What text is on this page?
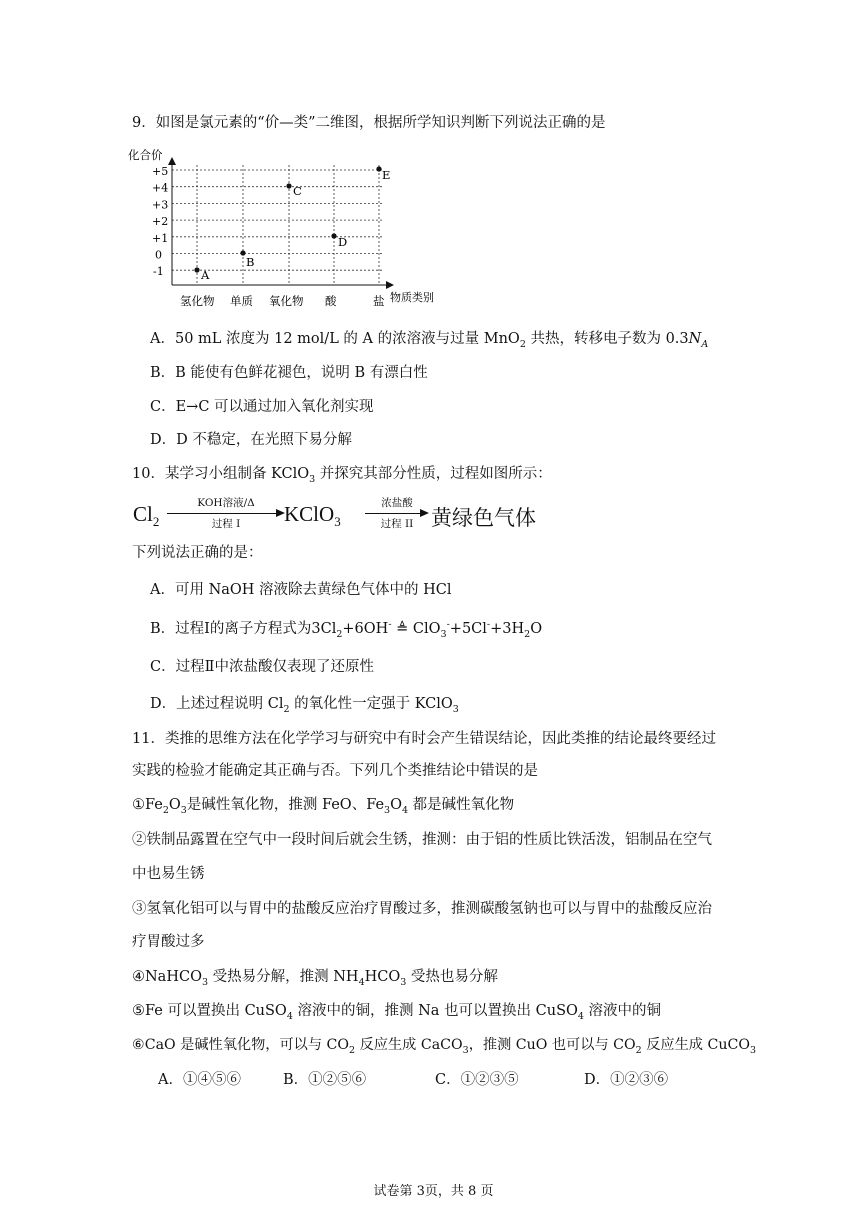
9．如图是氯元素的“价—类”二维图，根据所学知识判断下列说法正确的是
化合价
+5
+4
+3
+2
+1
0
-1
氢化物 单质 氧化物 酸	盐 物质类别
A
B
C
D
E
A．50 mL 浓度为 12 mol/L 的 A 的浓溶液与过量 MnO$_2$ 共热，转移电子数为 $0.3N_A$
B．B 能使有色鲜花褪色，说明 B 有漂白性
C．E→C 可以通过加入氧化剂实现
D．D 不稳定，在光照下易分解
10．某学习小组制备 KClO$_3$ 并探究其部分性质，过程如图所示：
$Cl_2$
KOH溶液/Δ
过程 I	KClO$_3$
浓盐酸
过程 II 黄绿色气体
下列说法正确的是：
A．可用 NaOH 溶液除去黄绿色气体中的 HCl
B．过程Ⅰ的离子方程式为$3Cl_2+6OH^-$ ≜ $ClO_3^-+5Cl^-+3H_2O$
C．过程Ⅱ中浓盐酸仅表现了还原性
D．上述过程说明 $Cl_2$ 的氧化性一定强于 KClO$_3$
11．类推的思维方法在化学学习与研究中有时会产生错误结论，因此类推的结论最终要经过
实践的检验才能确定其正确与否。下列几个类推结论中错误的是
$①Fe_2O_3$是碱性氧化物，推测 FeO、$Fe_3O_4$ 都是碱性氧化物
②铁制品露置在空气中一段时间后就会生锈，推测：由于铝的性质比铁活泼，铝制品在空气
中也易生锈
③氢氧化铝可以与胃中的盐酸反应治疗胃酸过多，推测碳酸氢钠也可以与胃中的盐酸反应治
疗胃酸过多
④NaHCO$_3$ 受热易分解，推测 $NH_4HCO_3$ 受热也易分解
⑤Fe 可以置换出 CuSO$_4$ 溶液中的铜，推测 Na 也可以置换出 CuSO$_4$ 溶液中的铜
⑥CaO 是碱性氧化物，可以与 $CO_2$ 反应生成 CaCO$_3$，推测 CuO 也可以与 $CO_2$ 反应生成 CuCO$_3$
A．①④⑤⑥	B．①②⑤⑥	C．①②③⑤	D．①②③⑥
试卷第 3页，共 8 页
